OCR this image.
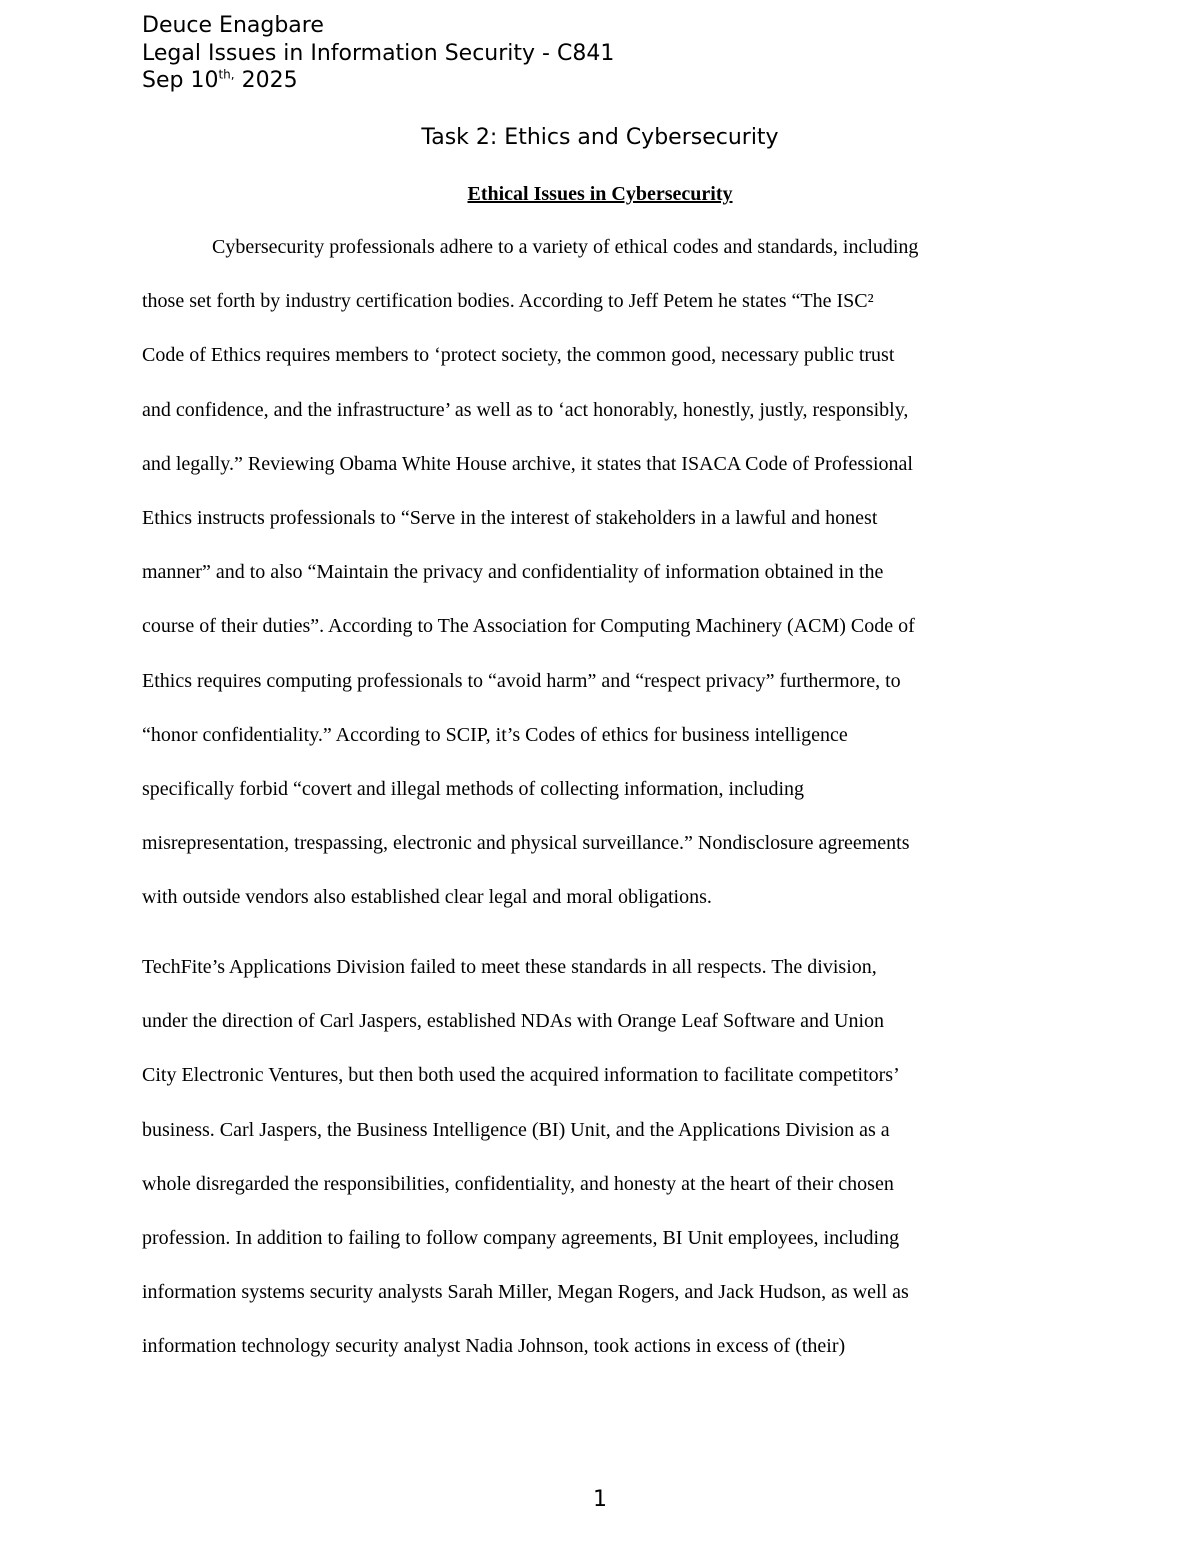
Deuce Enagbare
Legal Issues in Information Security - C841
Sep $10^{th,}$ 2025
Task 2: Ethics and Cybersecurity
Ethical Issues in Cybersecurity
Cybersecurity professionals adhere to a variety of ethical codes and standards, including
those set forth by industry certification bodies. According to Jeff Petem he states “The ISC²
Code of Ethics requires members to ‘protect society, the common good, necessary public trust
and confidence, and the infrastructure’ as well as to ‘act honorably, honestly, justly, responsibly,
and legally.” Reviewing Obama White House archive, it states that ISACA Code of Professional
Ethics instructs professionals to “Serve in the interest of stakeholders in a lawful and honest
manner” and to also “Maintain the privacy and confidentiality of information obtained in the
course of their duties”. According to The Association for Computing Machinery (ACM) Code of
Ethics requires computing professionals to “avoid harm” and “respect privacy” furthermore, to
“honor confidentiality.” According to SCIP, it’s Codes of ethics for business intelligence
specifically forbid “covert and illegal methods of collecting information, including
misrepresentation, trespassing, electronic and physical surveillance.” Nondisclosure agreements
with outside vendors also established clear legal and moral obligations.
TechFite’s Applications Division failed to meet these standards in all respects. The division,
under the direction of Carl Jaspers, established NDAs with Orange Leaf Software and Union
City Electronic Ventures, but then both used the acquired information to facilitate competitors’
business. Carl Jaspers, the Business Intelligence (BI) Unit, and the Applications Division as a
whole disregarded the responsibilities, confidentiality, and honesty at the heart of their chosen
profession. In addition to failing to follow company agreements, BI Unit employees, including
information systems security analysts Sarah Miller, Megan Rogers, and Jack Hudson, as well as
information technology security analyst Nadia Johnson, took actions in excess of (their)
1
